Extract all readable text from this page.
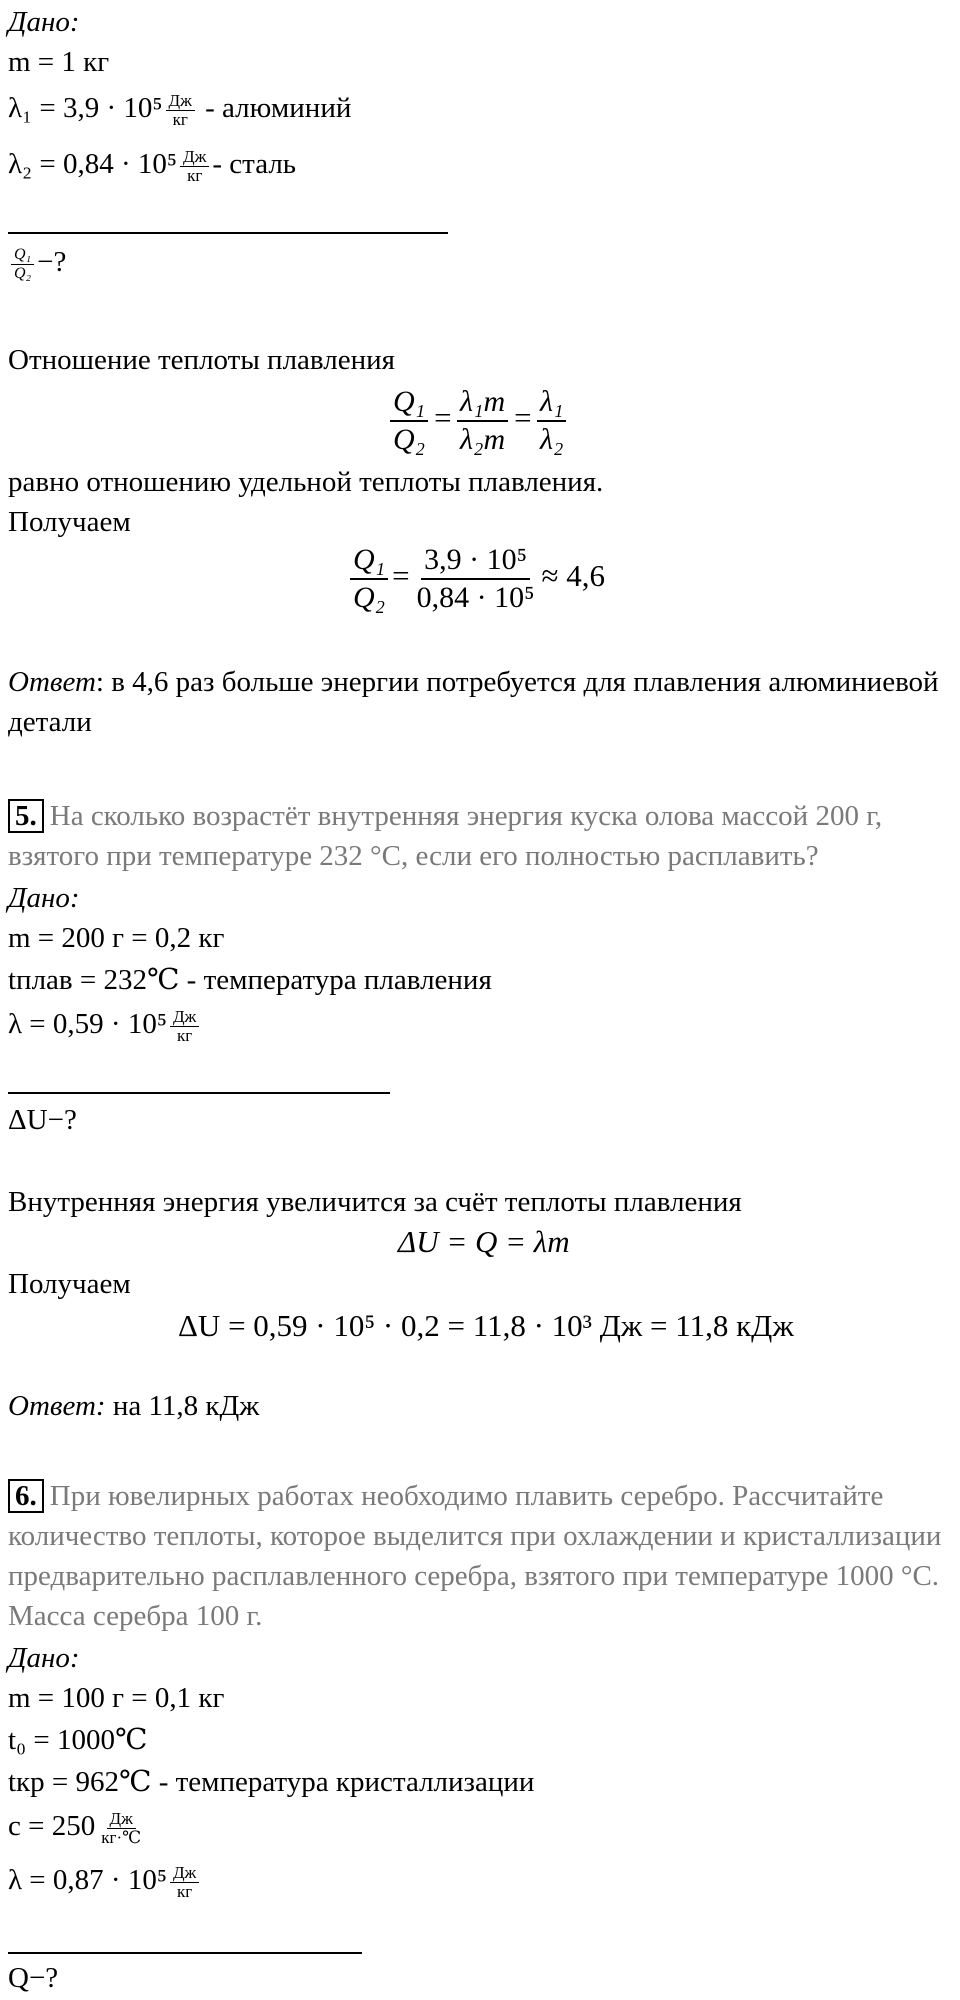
Дано:

m = 1 кг

$\lambda_1 = 3,9 \cdot 10^5 \frac{Дж}{кг}$ - алюминий

$\lambda_2 = 0,84 \cdot 10^5 \frac{Дж}{кг}$ - сталь

$\frac{\text{Q₁}}{\text{Q₂}}$ −?

Отношение теплоты плавления

$\frac{\text{Q₁}}{\text{Q₂}} = \frac{\text{λ₁m}}{\text{λ₂m}} = \frac{\text{λ₁}}{\text{λ₂}}$

равно отношению удельной теплоты плавления.

Получаем

$\frac{\text{Q₁}}{\text{Q₂}} = \frac{\text{3,9 · 10⁵}}{\text{0,84 · 10⁵}} \approx 4,6$

Ответ: в 4,6 раз больше энергии потребуется для плавления алюминиевой

детали

5. На сколько возрастёт внутренняя энергия куска олова массой 200 г,

взятого при температуре 232 °С, если его полностью расплавить?

Дано:

m = 200 г = 0,2 кг

tплав = 232℃ - температура плавления

$\lambda = 0,59 \cdot 10^5 \frac{Дж}{кг}$

ΔU−?

Внутренняя энергия увеличится за счёт теплоты плавления

ΔU = Q = λm

Получаем

ΔU = 0,59 · 10⁵ · 0,2 = 11,8 · 10³ Дж = 11,8 кДж

Ответ: на 11,8 кДж

6. При ювелирных работах необходимо плавить серебро. Рассчитайте

количество теплоты, которое выделится при охлаждении и кристаллизации

предварительно расплавленного серебра, взятого при температуре 1000 °С.

Масса серебра 100 г.

Дано:

m = 100 г = 0,1 кг

t₀ = 1000℃

tкр = 962℃ - температура кристаллизации

$c = 250 \frac{Дж}{кг\cdot℃}$

$\lambda = 0,87 \cdot 10^5 \frac{Дж}{кг}$

Q−?
